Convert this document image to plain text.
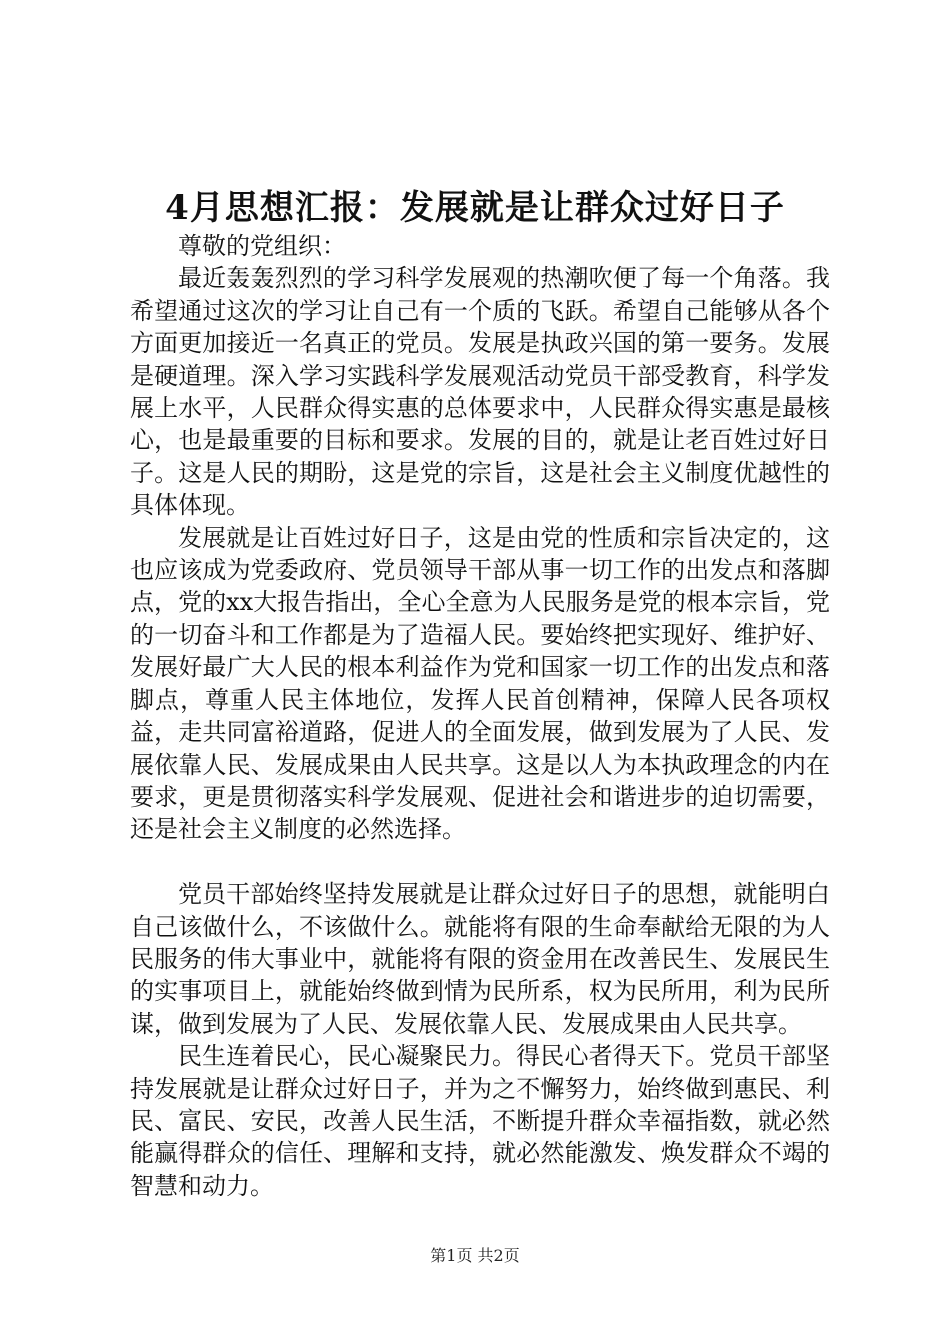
4月思想汇报：发展就是让群众过好日子

尊敬的党组织：

最近轰轰烈烈的学习科学发展观的热潮吹便了每一个角落。我希望通过这次的学习让自己有一个质的飞跃。希望自己能够从各个方面更加接近一名真正的党员。发展是执政兴国的第一要务。发展是硬道理。深入学习实践科学发展观活动党员干部受教育，科学发展上水平，人民群众得实惠的总体要求中，人民群众得实惠是最核心，也是最重要的目标和要求。发展的目的，就是让老百姓过好日子。这是人民的期盼，这是党的宗旨，这是社会主义制度优越性的具体体现。

发展就是让百姓过好日子，这是由党的性质和宗旨决定的，这也应该成为党委政府、党员领导干部从事一切工作的出发点和落脚点，党的xx大报告指出，全心全意为人民服务是党的根本宗旨，党的一切奋斗和工作都是为了造福人民。要始终把实现好、维护好、发展好最广大人民的根本利益作为党和国家一切工作的出发点和落脚点，尊重人民主体地位，发挥人民首创精神，保障人民各项权益，走共同富裕道路，促进人的全面发展，做到发展为了人民、发展依靠人民、发展成果由人民共享。这是以人为本执政理念的内在要求，更是贯彻落实科学发展观、促进社会和谐进步的迫切需要，还是社会主义制度的必然选择。

党员干部始终坚持发展就是让群众过好日子的思想，就能明白自己该做什么，不该做什么。就能将有限的生命奉献给无限的为人民服务的伟大事业中，就能将有限的资金用在改善民生、发展民生的实事项目上，就能始终做到情为民所系，权为民所用，利为民所谋，做到发展为了人民、发展依靠人民、发展成果由人民共享。

民生连着民心，民心凝聚民力。得民心者得天下。党员干部坚持发展就是让群众过好日子，并为之不懈努力，始终做到惠民、利民、富民、安民，改善人民生活，不断提升群众幸福指数，就必然能赢得群众的信任、理解和支持，就必然能激发、焕发群众不竭的智慧和动力。

第1页 共2页
